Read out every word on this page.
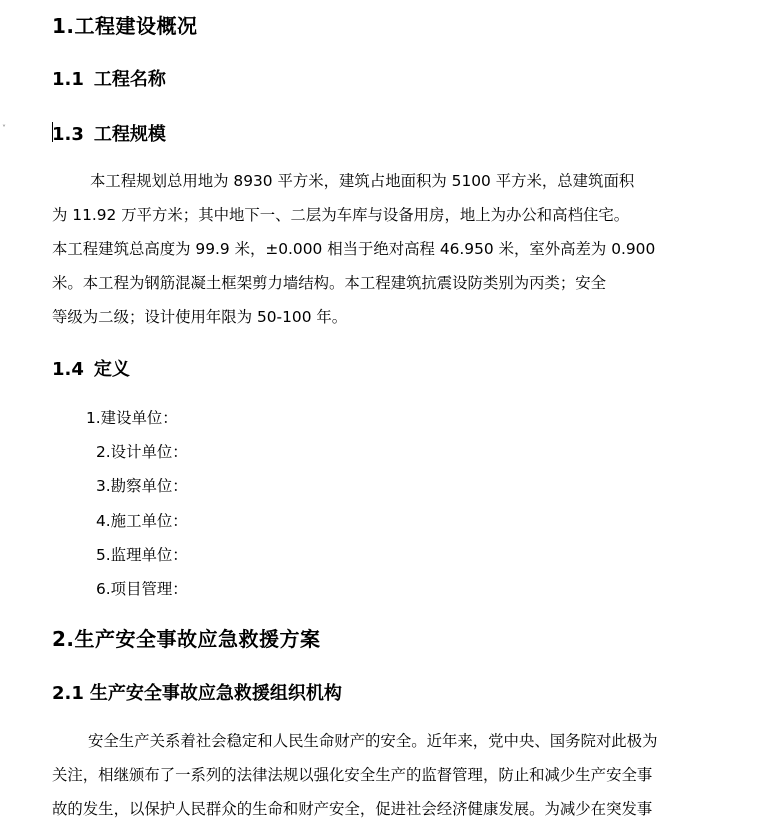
˅
1.工程建设概况
1.1 工程名称
1.3 工程规模
本工程规划总用地为 8930 平方米，建筑占地面积为 5100 平方米，总建筑面积
为 11.92 万平方米；其中地下一、二层为车库与设备用房，地上为办公和高档住宅。
本工程建筑总高度为 99.9 米，±0.000 相当于绝对高程 46.950 米，室外高差为 0.900
米。本工程为钢筋混凝土框架剪力墙结构。本工程建筑抗震设防类别为丙类；安全
等级为二级；设计使用年限为 50-100 年。
1.4 定义
1.建设单位：
2.设计单位：
3.勘察单位：
4.施工单位：
5.监理单位：
6.项目管理：
2.生产安全事故应急救援方案
2.1 生产安全事故应急救援组织机构
安全生产关系着社会稳定和人民生命财产的安全。近年来，党中央、国务院对此极为
关注，相继颁布了一系列的法律法规以强化安全生产的监督管理，防止和减少生产安全事
故的发生，以保护人民群众的生命和财产安全，促进社会经济健康发展。为减少在突发事
